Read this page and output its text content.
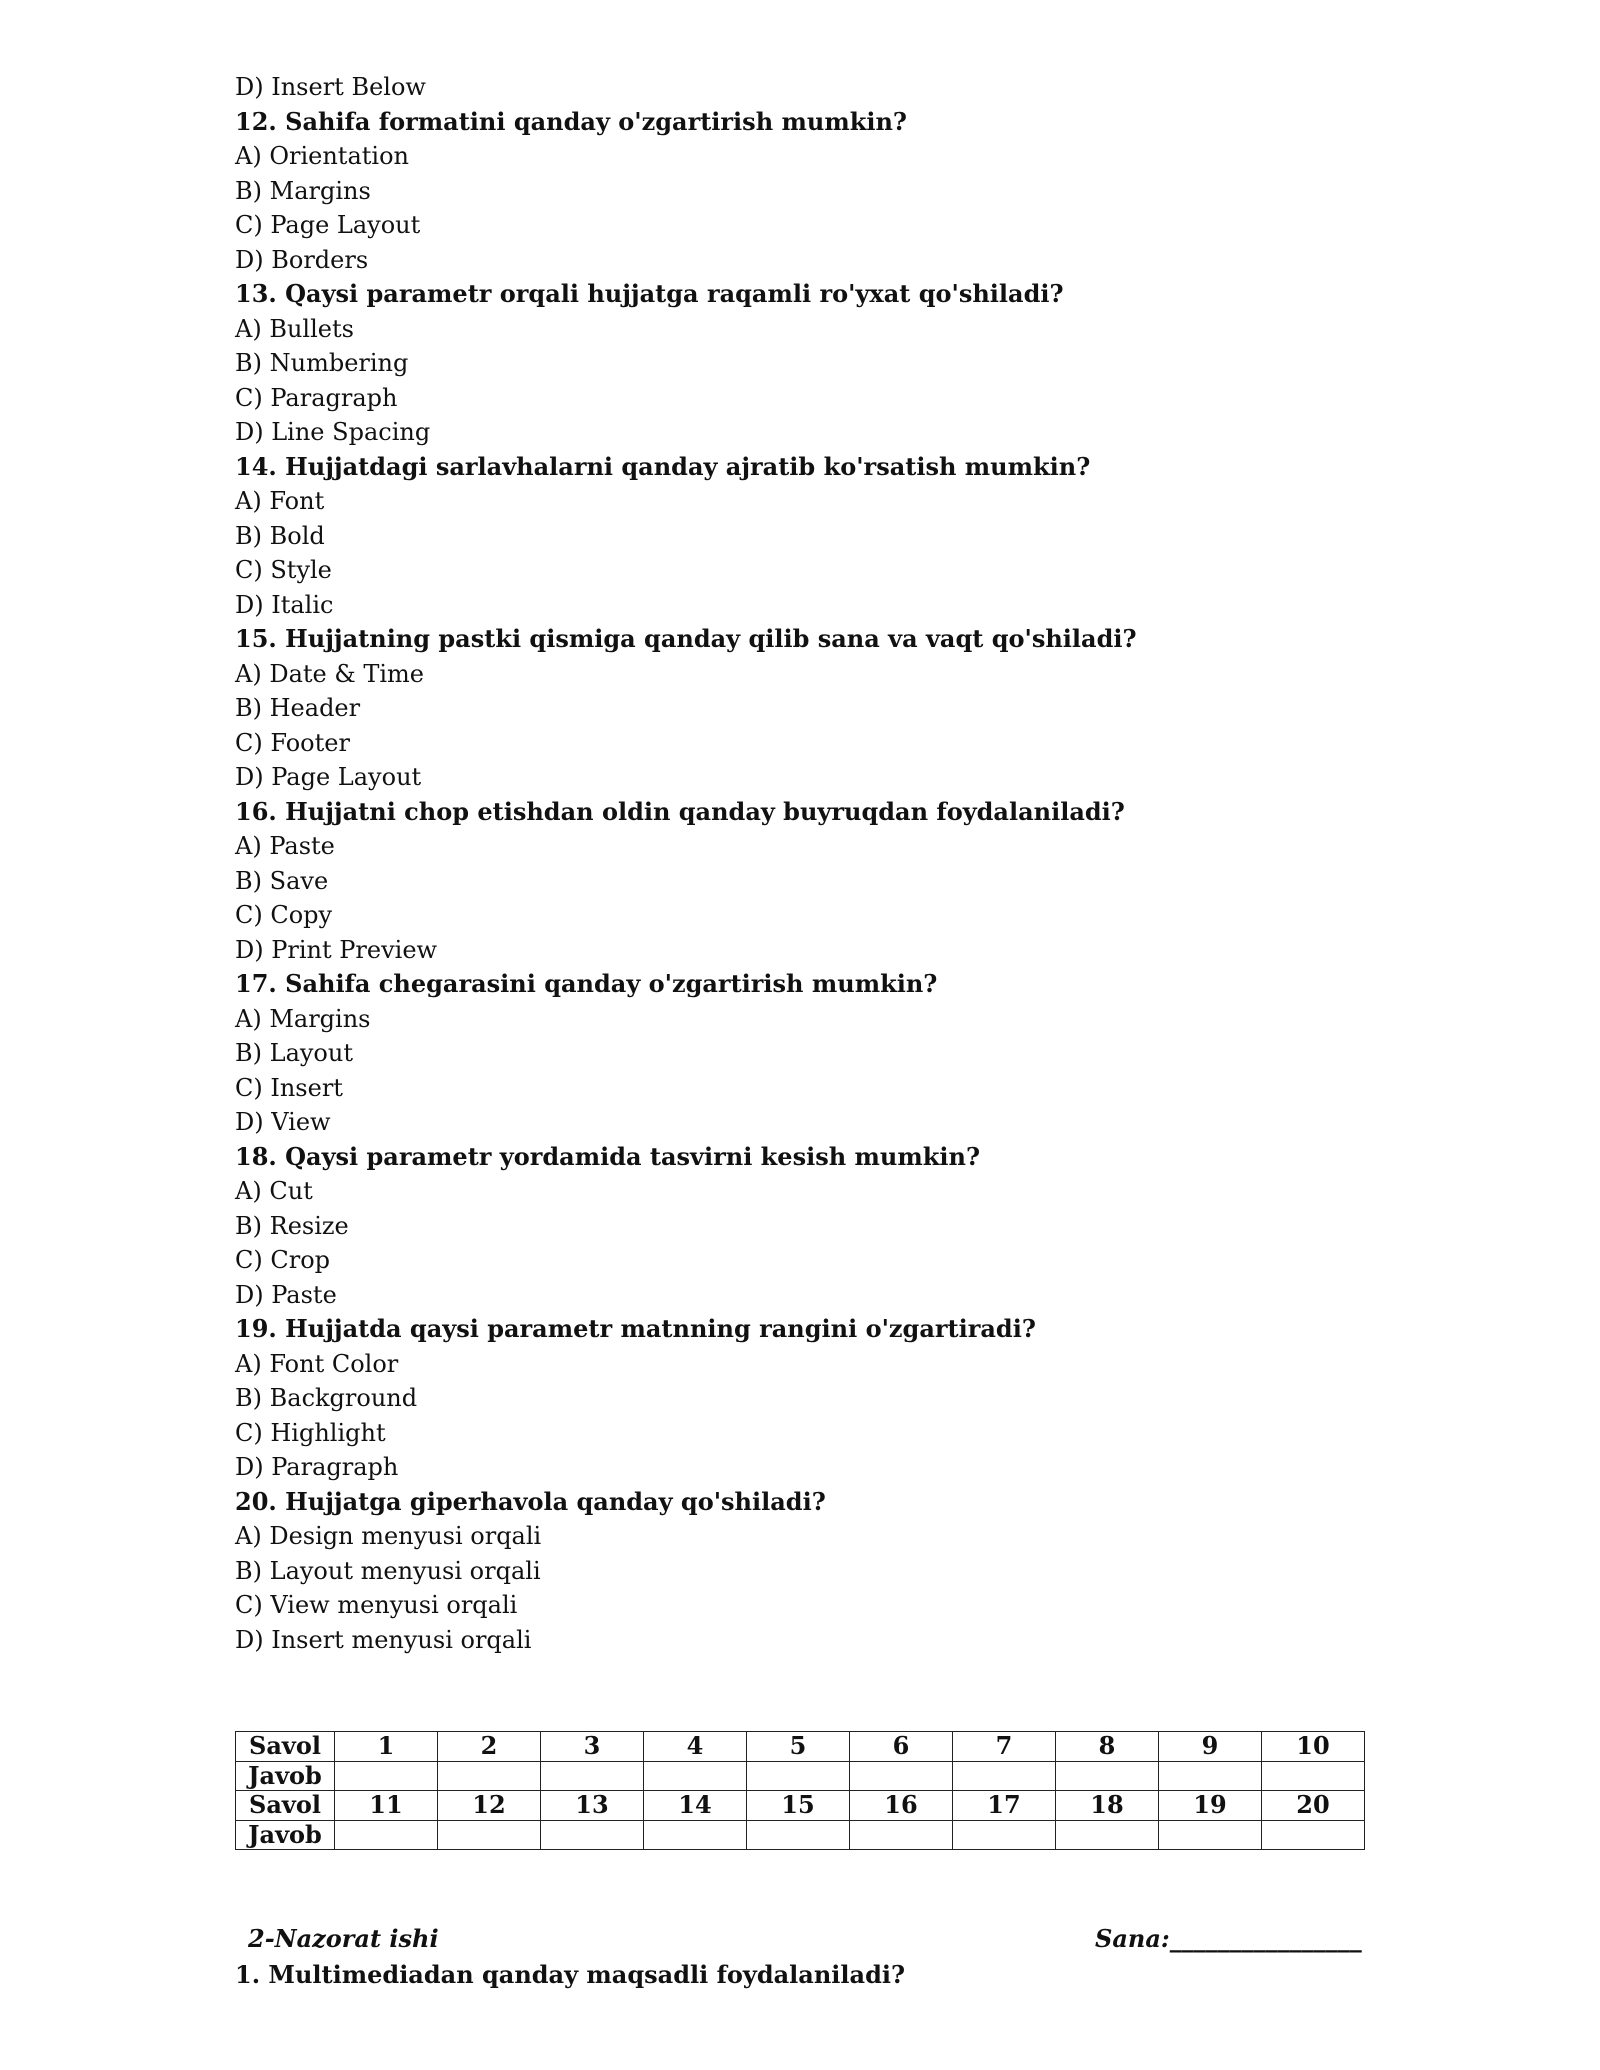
D) Insert Below
12. Sahifa formatini qanday o'zgartirish mumkin?
A) Orientation
B) Margins
C) Page Layout
D) Borders
13. Qaysi parametr orqali hujjatga raqamli ro'yxat qo'shiladi?
A) Bullets
B) Numbering
C) Paragraph
D) Line Spacing
14. Hujjatdagi sarlavhalarni qanday ajratib ko'rsatish mumkin?
A) Font
B) Bold
C) Style
D) Italic
15. Hujjatning pastki qismiga qanday qilib sana va vaqt qo'shiladi?
A) Date & Time
B) Header
C) Footer
D) Page Layout
16. Hujjatni chop etishdan oldin qanday buyruqdan foydalaniladi?
A) Paste
B) Save
C) Copy
D) Print Preview
17. Sahifa chegarasini qanday o'zgartirish mumkin?
A) Margins
B) Layout
C) Insert
D) View
18. Qaysi parametr yordamida tasvirni kesish mumkin?
A) Cut
B) Resize
C) Crop
D) Paste
19. Hujjatda qaysi parametr matnning rangini o'zgartiradi?
A) Font Color
B) Background
C) Highlight
D) Paragraph
20. Hujjatga giperhavola qanday qo'shiladi?
A) Design menyusi orqali
B) Layout menyusi orqali
C) View menyusi orqali
D) Insert menyusi orqali
Savol	1	2	3	4	5	6	7	8	9	10
Javob										
Savol	11	12	13	14	15	16	17	18	19	20
Javob										
2-Nazorat ishi	Sana:________________
1. Multimediadan qanday maqsadli foydalaniladi?
